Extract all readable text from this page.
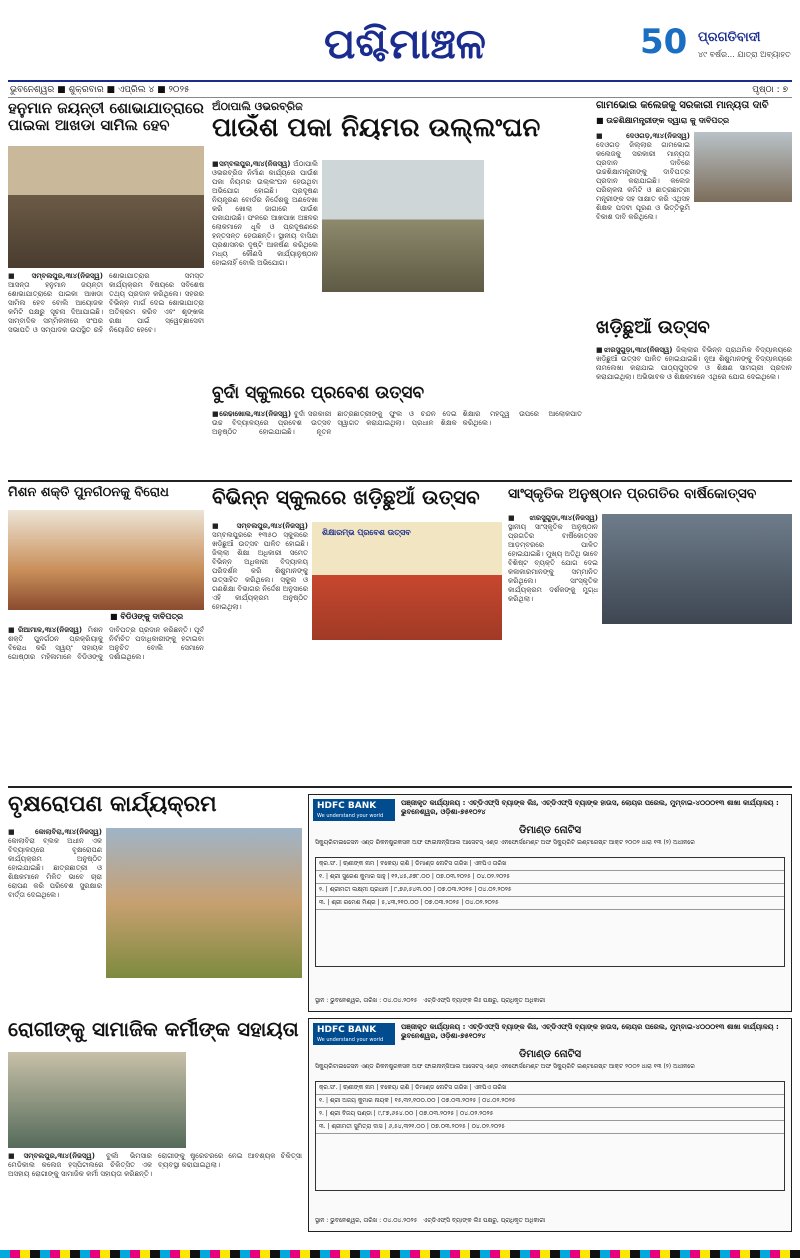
ପଶ୍ଚିମାଞ୍ଚଳ	50 ପ୍ରଗତିବାଦୀ
୪୯ ବର୍ଷର... ଯାତ୍ରା ଅବ୍ୟାହତ
ଭୁବନେଶ୍ୱର ■ ଶୁକ୍ରବାର ■ ଏପ୍ରିଲ ୪ ■ ୨୦୨୫	ପୃଷ୍ଠା : ୭
ହନୁମାନ ଜୟନ୍ତୀ ଶୋଭାଯାତ୍ରାରେ ପାଇକା ଆଖଡା ସାମିଲ ହେବ
■ସମ୍ବଲପୁର,୩ା୪(ନିଜସ୍ୱ) ଆସନ୍ତା ହନୁମାନ ଜୟନ୍ତୀ ଶୋଭାଯାତ୍ରାରେ ପାଇକା ଆଖଡା ସାମିଲ ହେବ ବୋଲି ଆୟୋଜକ କମିଟି ପକ୍ଷରୁ ସୂଚନା ଦିଆଯାଇଛି। ସାମ୍ବାଦିକ ସମ୍ମିଳନୀରେ ସଂଘର ସଭାପତି ଓ ସମ୍ପାଦକ ଉପସ୍ଥିତ ରହି ଶୋଭାଯାତ୍ରାର ସମସ୍ତ କାର୍ଯ୍ୟକ୍ରମ ବିଷୟରେ ସବିଶେଷ ତଥ୍ୟ ପ୍ରଦାନ କରିଥିଲେ। ସହରର ବିଭିନ୍ନ ମାର୍ଗ ଦେଇ ଶୋଭାଯାତ୍ରା ଅତିକ୍ରମ କରିବ ଏବଂ ଶୃଙ୍ଖଳା ରକ୍ଷା ପାଇଁ ସ୍ୱେଚ୍ଛାସେବୀ ନିୟୋଜିତ ହେବେ।
ଅଁଠାପାଲି ଓଭରବ୍ରିଜ
ପାଉଁଶ ପକା ନିୟମର ଉଲ୍ଲଂଘନ
■ସମ୍ବଲପୁର,୩ା୪(ନିଜସ୍ୱ) ଅଁଠାପାଲି ଓଭରବ୍ରିଜ ନିର୍ମାଣ କାର୍ଯ୍ୟରେ ପାଉଁଶ ପକା ନିୟମର ଉଲ୍ଲଂଘନ ହେଉଥିବା ଅଭିଯୋଗ ହୋଇଛି। ପ୍ରଦୂଷଣ ନିୟନ୍ତ୍ରଣ ବୋର୍ଡର ନିର୍ଦ୍ଦେଶକୁ ଅଣଦେଖା କରି ଖୋଲା ଜାଗାରେ ପାଉଁଶ ପକାଯାଉଛି। ଫଳରେ ଆଖପାଖ ଅଞ୍ଚଳର ଲୋକମାନେ ଧୂଳି ଓ ପ୍ରଦୂଷଣରେ ହନ୍ତସନ୍ତ ହେଉଛନ୍ତି। ସ୍ଥାନୀୟ ବାସିନ୍ଦା ପ୍ରଶାସନର ଦୃଷ୍ଟି ଆକର୍ଷଣ କରିଥିଲେ ମଧ୍ୟ କୌଣସି କାର୍ଯ୍ୟାନୁଷ୍ଠାନ ହୋଇନାହିଁ ବୋଲି ଅଭିଯୋଗ।
ଗାମଭୋଇ କଲେଜକୁ ସରକାରୀ ମାନ୍ୟତା ଦାବି
■ ଉଚ୍ଚଶିକ୍ଷାମନ୍ତ୍ରୀଙ୍କ ଦ୍ୱାରା କୁ ଦାବିପତ୍ର
■ଦେଓଗଡ଼,୩ା୪(ନିଜସ୍ୱ) ଦେଓଗଡ଼ ଜିଲ୍ଲାର ଗାମଭୋଇ କଲେଜକୁ ସରକାରୀ ମାନ୍ୟତା ପ୍ରଦାନ ଦାବିରେ ଉଚ୍ଚଶିକ୍ଷାମନ୍ତ୍ରୀଙ୍କୁ ଦାବିପତ୍ର ପ୍ରଦାନ କରାଯାଇଛି। କଲେଜ ପରିଚାଳନା କମିଟି ଓ ଛାତ୍ରଛାତ୍ରୀ ମନ୍ତ୍ରୀଙ୍କ ସହ ସାକ୍ଷାତ କରି ଏଥିସହ ଶିକ୍ଷକ ପଦବୀ ପୂରଣ ଓ ଭିତ୍ତିଭୂମି ବିକାଶ ଦାବି କରିଥିଲେ।
ଖଡ଼ିଛୁଆଁ ଉତ୍ସବ
■ଝାରସୁଗୁଡ଼ା,୩ା୪(ନିଜସ୍ୱ) ଜିଲ୍ଲାର ବିଭିନ୍ନ ପ୍ରାଥମିକ ବିଦ୍ୟାଳୟରେ ଖଡ଼ିଛୁଆଁ ଉତ୍ସବ ପାଳିତ ହୋଇଯାଇଛି। ନୂଆ ଶିଶୁମାନଙ୍କୁ ବିଦ୍ୟାଳୟରେ ନାମଲେଖା କରାଯାଇ ପାଠ୍ୟପୁସ୍ତକ ଓ ଶିକ୍ଷଣ ସାମଗ୍ରୀ ପ୍ରଦାନ କରାଯାଇଥିଲା। ଅଭିଭାବକ ଓ ଶିକ୍ଷକମାନେ ଏଥିରେ ଯୋଗ ଦେଇଥିଲେ।
ବୁର୍ଦା ସ୍କୁଲରେ ପ୍ରବେଶ ଉତ୍ସବ
■ରେଢାଖୋଲ,୩ା୪(ନିଜସ୍ୱ) ବୁର୍ଦା ସରକାରୀ ଉଚ୍ଚ ବିଦ୍ୟାଳୟରେ ପ୍ରବେଶ ଉତ୍ସବ ଅନୁଷ୍ଠିତ ହୋଇଯାଇଛି। ନୂତନ ଛାତ୍ରଛାତ୍ରୀଙ୍କୁ ଫୁଲ ଓ ଚନ୍ଦନ ଦେଇ ସ୍ୱାଗତ କରାଯାଇଥିଲା। ପ୍ରଧାନ ଶିକ୍ଷକ ଶିକ୍ଷାର ମହତ୍ତ୍ୱ ଉପରେ ଆଲୋକପାତ କରିଥିଲେ।
ମିଶନ ଶକ୍ତି ପୁନର୍ଗଠନକୁ ବିରୋଧ
■ ବିଡିଓଙ୍କୁ ଦାବିପତ୍ର
■ରିଆମାଳ,୩ା୪(ନିଜସ୍ୱ) ମିଶନ ଶକ୍ତି ପୁନର୍ଗଠନ ପ୍ରକ୍ରିୟାକୁ ବିରୋଧ କରି ସ୍ୱୟଂ ସହାୟକ ଗୋଷ୍ଠୀର ମହିଳାମାନେ ବିଡିଓଙ୍କୁ ଦାବିପତ୍ର ପ୍ରଦାନ କରିଛନ୍ତି। ପୂର୍ବ ନିର୍ବାଚିତ ପଦାଧିକାରୀଙ୍କୁ ହଟାଇବା ଅନୁଚିତ ବୋଲି ସେମାନେ ଦର୍ଶାଇଥିଲେ।
ବିଭିନ୍ନ ସ୍କୁଲରେ ଖଡ଼ିଛୁଆଁ ଉତ୍ସବ
■ସମ୍ବଲପୁର,୩ା୪(ନିଜସ୍ୱ) ସମ୍ବଲପୁରରେ ୧୩୫୦ ସ୍କୁଲରେ ଖଡ଼ିଛୁଆଁ ଉତ୍ସବ ପାଳିତ ହୋଇଛି। ଜିଲ୍ଲା ଶିକ୍ଷା ଅଧିକାରୀ ସମେତ ବିଭିନ୍ନ ଅଧିକାରୀ ବିଦ୍ୟାଳୟ ପରିଦର୍ଶନ କରି ଶିଶୁମାନଙ୍କୁ ଉତ୍ସାହିତ କରିଥିଲେ। ସ୍କୁଲ ଓ ଗଣଶିକ୍ଷା ବିଭାଗର ନିର୍ଦ୍ଦେଶ ଅନୁସାରେ ଏହି କାର୍ଯ୍ୟକ୍ରମ ଅନୁଷ୍ଠିତ ହୋଇଥିଲା।
ଶିକ୍ଷାରମ୍ଭ ପ୍ରବେଶ ଉତ୍ସବ
ସାଂସ୍କୃତିକ ଅନୁଷ୍ଠାନ ପ୍ରଗତିର ବାର୍ଷିକୋତ୍ସବ
■ଝାରସୁଗୁଡ଼ା,୩ା୪(ନିଜସ୍ୱ) ସ୍ଥାନୀୟ ସାଂସ୍କୃତିକ ଅନୁଷ୍ଠାନ ପ୍ରଗତିର ବାର୍ଷିକୋତ୍ସବ ଆଡ଼ମ୍ବରରେ ପାଳିତ ହୋଇଯାଇଛି। ମୁଖ୍ୟ ଅତିଥି ଭାବେ ବିଶିଷ୍ଟ ବ୍ୟକ୍ତି ଯୋଗ ଦେଇ କଳାକାରମାନଙ୍କୁ ସମ୍ମାନିତ କରିଥିଲେ। ସାଂସ୍କୃତିକ କାର୍ଯ୍ୟକ୍ରମ ଦର୍ଶକଙ୍କୁ ମୁଗ୍ଧ କରିଥିଲା।
ବୃକ୍ଷରୋପଣ କାର୍ଯ୍ୟକ୍ରମ
■କୋଲାବିରା,୩ା୪(ନିଜସ୍ୱ) କୋଲାବିରା ବ୍ଲକ ଅଧୀନ ଏକ ବିଦ୍ୟାଳୟରେ ବୃକ୍ଷରୋପଣ କାର୍ଯ୍ୟକ୍ରମ ଅନୁଷ୍ଠିତ ହୋଇଯାଇଛି। ଛାତ୍ରଛାତ୍ରୀ ଓ ଶିକ୍ଷକମାନେ ମିଳିତ ଭାବେ ଚାରା ରୋପଣ କରି ପରିବେଶ ସୁରକ୍ଷାର ବାର୍ତ୍ତା ଦେଇଥିଲେ।
ରୋଗୀଙ୍କୁ ସାମାଜିକ କର୍ମୀଙ୍କ ସହାୟତା
■ସମ୍ବଲପୁର,୩ା୪(ନିଜସ୍ୱ) ବୁର୍ଲା ଭିମସାର ମେଡିକାଲ କଲେଜ ହସ୍ପିଟାଲରେ ଚିକିତ୍ସିତ ଏକ ଅସହାୟ ରୋଗୀଙ୍କୁ ସାମାଜିକ କର୍ମୀ ସହାୟତା କରିଛନ୍ତି। ରୋଗୀଙ୍କୁ ଷ୍ଟ୍ରେଚରରେ ନେଇ ଆବଶ୍ୟକ ଚିକିତ୍ସା ବ୍ୟବସ୍ଥା କରାଯାଇଥିଲା।
HDFC BANK
We understand your world
ପଞ୍ଜୀକୃତ କାର୍ଯ୍ୟାଳୟ : ଏଚ୍‌ଡିଏଫ୍‌ସି ବ୍ୟାଙ୍କ ଲିଃ, ଏଚ୍‌ଡିଏଫ୍‌ସି ବ୍ୟାଙ୍କ ହାଉସ, ଲୋୟର ପରେଲ, ମୁମ୍ବାଇ-୪୦୦୦୧୩ ଶାଖା କାର୍ଯ୍ୟାଳୟ : ଭୁବନେଶ୍ୱର, ଓଡ଼ିଶା-୭୫୧୦୨୪
ଡିମାଣ୍ଡ ନୋଟିସ
ସିକ୍ୟୁରିଟାଇଜେସନ ଏଣ୍ଡ ରିକନଷ୍ଟ୍ରକସନ ଅଫ ଫାଇନାନ୍ସିଆଲ ଆସେଟସ୍ ଏଣ୍ଡ ଏନଫୋର୍ସମେଣ୍ଟ ଅଫ ସିକ୍ୟୁରିଟି ଇଣ୍ଟରେଷ୍ଟ ଆକ୍ଟ ୨୦୦୨ ଧାରା ୧୩ (୨) ଅଧୀନରେ
କ୍ର.ସଂ. | ଋଣୀଙ୍କ ନାମ | ବକେୟା ରାଶି | ଡିମାଣ୍ଡ ନୋଟିସ ତାରିଖ | ଏନପିଏ ତାରିଖ
୧. | ଶ୍ରୀ ସୁରେଶ କୁମାର ସାହୁ | ୧୨,୪୫,୬୭୮.୦୦ | ୦୭.୦୩.୨୦୨୫ | ୦୪.୦୨.୨୦୨୫
୨. | ଶ୍ରୀମତୀ ଲକ୍ଷ୍ମୀ ପ୍ରଧାନ | ୮,୭୬,୫୪୩.୦୦ | ୦୭.୦୩.୨୦୨୫ | ୦୪.୦୨.୨୦୨୫
୩. | ଶ୍ରୀ ରମେଶ ମିଶ୍ର | ୫,୪୩,୨୧୦.୦୦ | ୦୭.୦୩.୨୦୨୫ | ୦୪.୦୨.୨୦୨୫
ସ୍ଥାନ : ଭୁବନେଶ୍ୱର, ତାରିଖ : ୦୪.୦୪.୨୦୨୫ ଏଚ୍‌ଡିଏଫ୍‌ସି ବ୍ୟାଙ୍କ ଲିଃ ପକ୍ଷରୁ, ପ୍ରାଧିକୃତ ଅଧିକାରୀ
HDFC BANK
We understand your world
ପଞ୍ଜୀକୃତ କାର୍ଯ୍ୟାଳୟ : ଏଚ୍‌ଡିଏଫ୍‌ସି ବ୍ୟାଙ୍କ ଲିଃ, ଏଚ୍‌ଡିଏଫ୍‌ସି ବ୍ୟାଙ୍କ ହାଉସ, ଲୋୟର ପରେଲ, ମୁମ୍ବାଇ-୪୦୦୦୧୩ ଶାଖା କାର୍ଯ୍ୟାଳୟ : ଭୁବନେଶ୍ୱର, ଓଡ଼ିଶା-୭୫୧୦୨୪
ଡିମାଣ୍ଡ ନୋଟିସ
ସିକ୍ୟୁରିଟାଇଜେସନ ଏଣ୍ଡ ରିକନଷ୍ଟ୍ରକସନ ଅଫ ଫାଇନାନ୍ସିଆଲ ଆସେଟସ୍ ଏଣ୍ଡ ଏନଫୋର୍ସମେଣ୍ଟ ଅଫ ସିକ୍ୟୁରିଟି ଇଣ୍ଟରେଷ୍ଟ ଆକ୍ଟ ୨୦୦୨ ଧାରା ୧୩ (୨) ଅଧୀନରେ
କ୍ର.ସଂ. | ଋଣୀଙ୍କ ନାମ | ବକେୟା ରାଶି | ଡିମାଣ୍ଡ ନୋଟିସ ତାରିଖ | ଏନପିଏ ତାରିଖ
୧. | ଶ୍ରୀ ଅଜୟ କୁମାର ନାୟକ | ୧୫,୩୨,୧୦୦.୦୦ | ୦୭.୦୩.୨୦୨୫ | ୦୪.୦୨.୨୦୨୫
୨. | ଶ୍ରୀ ବିଜୟ ପଣ୍ଡା | ୯,୮୭,୬୫୪.୦୦ | ୦୭.୦୩.୨୦୨୫ | ୦୪.୦୨.୨୦୨୫
୩. | ଶ୍ରୀମତୀ ସୁମିତ୍ରା ଦାସ | ୬,୫୪,୩୨୧.୦୦ | ୦୭.୦୩.୨୦୨୫ | ୦୪.୦୨.୨୦୨୫
ସ୍ଥାନ : ଭୁବନେଶ୍ୱର, ତାରିଖ : ୦୪.୦୪.୨୦୨୫ ଏଚ୍‌ଡିଏଫ୍‌ସି ବ୍ୟାଙ୍କ ଲିଃ ପକ୍ଷରୁ, ପ୍ରାଧିକୃତ ଅଧିକାରୀ
